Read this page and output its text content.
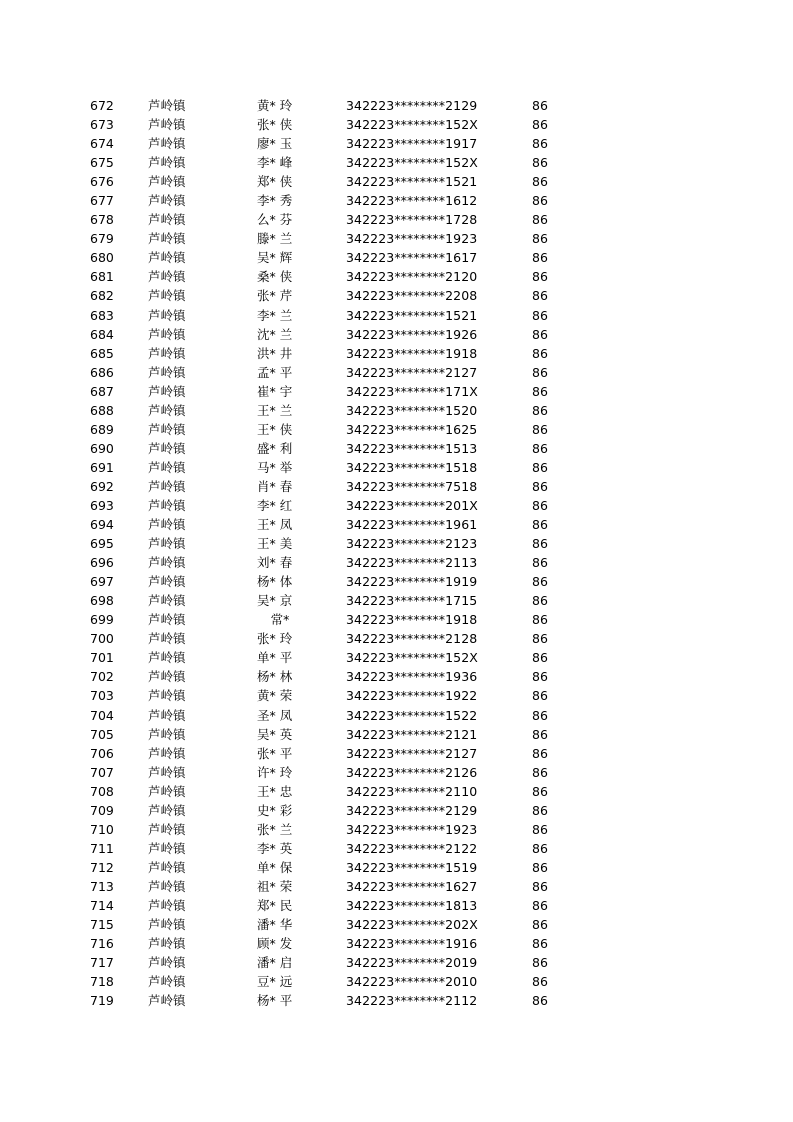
672	芦岭镇	黄* 玲	342223********2129	86
673	芦岭镇	张* 侠	342223********152X	86
674	芦岭镇	廖* 玉	342223********1917	86
675	芦岭镇	李* 峰	342223********152X	86
676	芦岭镇	郑* 侠	342223********1521	86
677	芦岭镇	李* 秀	342223********1612	86
678	芦岭镇	么* 芬	342223********1728	86
679	芦岭镇	滕* 兰	342223********1923	86
680	芦岭镇	吴* 辉	342223********1617	86
681	芦岭镇	桑* 侠	342223********2120	86
682	芦岭镇	张* 芹	342223********2208	86
683	芦岭镇	李* 兰	342223********1521	86
684	芦岭镇	沈* 兰	342223********1926	86
685	芦岭镇	洪* 井	342223********1918	86
686	芦岭镇	孟* 平	342223********2127	86
687	芦岭镇	崔* 宇	342223********171X	86
688	芦岭镇	王* 兰	342223********1520	86
689	芦岭镇	王* 侠	342223********1625	86
690	芦岭镇	盛* 利	342223********1513	86
691	芦岭镇	马* 举	342223********1518	86
692	芦岭镇	肖* 春	342223********7518	86
693	芦岭镇	李* 红	342223********201X	86
694	芦岭镇	王* 凤	342223********1961	86
695	芦岭镇	王* 美	342223********2123	86
696	芦岭镇	刘* 春	342223********2113	86
697	芦岭镇	杨* 体	342223********1919	86
698	芦岭镇	吴* 京	342223********1715	86
699	芦岭镇	常*	342223********1918	86
700	芦岭镇	张* 玲	342223********2128	86
701	芦岭镇	单* 平	342223********152X	86
702	芦岭镇	杨* 林	342223********1936	86
703	芦岭镇	黄* 荣	342223********1922	86
704	芦岭镇	圣* 凤	342223********1522	86
705	芦岭镇	吴* 英	342223********2121	86
706	芦岭镇	张* 平	342223********2127	86
707	芦岭镇	许* 玲	342223********2126	86
708	芦岭镇	王* 忠	342223********2110	86
709	芦岭镇	史* 彩	342223********2129	86
710	芦岭镇	张* 兰	342223********1923	86
711	芦岭镇	李* 英	342223********2122	86
712	芦岭镇	单* 保	342223********1519	86
713	芦岭镇	祖* 荣	342223********1627	86
714	芦岭镇	郑* 民	342223********1813	86
715	芦岭镇	潘* 华	342223********202X	86
716	芦岭镇	顾* 发	342223********1916	86
717	芦岭镇	潘* 启	342223********2019	86
718	芦岭镇	豆* 远	342223********2010	86
719	芦岭镇	杨* 平	342223********2112	86
